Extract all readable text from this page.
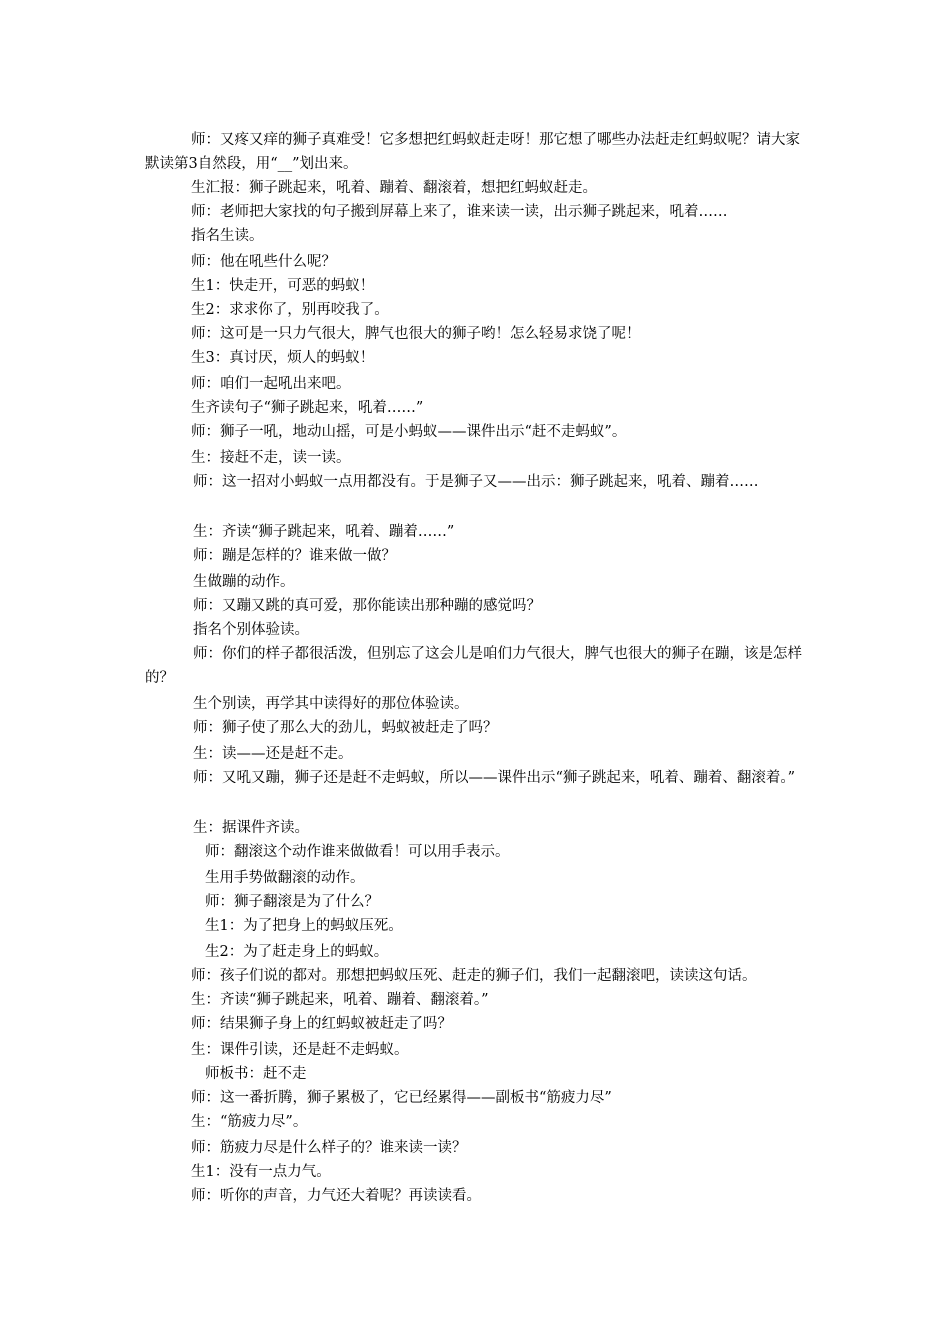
师：又疼又痒的狮子真难受！它多想把红蚂蚁赶走呀！那它想了哪些办法赶走红蚂蚁呢？请大家默读第3自然段，用“__”划出来。
生汇报：狮子跳起来，吼着、蹦着、翻滚着，想把红蚂蚁赶走。
师：老师把大家找的句子搬到屏幕上来了，谁来读一读，出示狮子跳起来，吼着……
指名生读。
师：他在吼些什么呢？
生1：快走开，可恶的蚂蚁！
生2：求求你了，别再咬我了。
师：这可是一只力气很大，脾气也很大的狮子哟！怎么轻易求饶了呢！
生3：真讨厌，烦人的蚂蚁！
师：咱们一起吼出来吧。
生齐读句子“狮子跳起来，吼着……”
师：狮子一吼，地动山摇，可是小蚂蚁——课件出示“赶不走蚂蚁”。
生：接赶不走，读一读。
师：这一招对小蚂蚁一点用都没有。于是狮子又——出示：狮子跳起来，吼着、蹦着……
生：齐读“狮子跳起来，吼着、蹦着……”
师：蹦是怎样的？谁来做一做？
生做蹦的动作。
师：又蹦又跳的真可爱，那你能读出那种蹦的感觉吗？
指名个别体验读。
师：你们的样子都很活泼，但别忘了这会儿是咱们力气很大，脾气也很大的狮子在蹦，该是怎样的？
生个别读，再学其中读得好的那位体验读。
师：狮子使了那么大的劲儿，蚂蚁被赶走了吗？
生：读——还是赶不走。
师：又吼又蹦，狮子还是赶不走蚂蚁，所以——课件出示“狮子跳起来，吼着、蹦着、翻滚着。”
生：据课件齐读。
师：翻滚这个动作谁来做做看！可以用手表示。
生用手势做翻滚的动作。
师：狮子翻滚是为了什么？
生1：为了把身上的蚂蚁压死。
生2：为了赶走身上的蚂蚁。
师：孩子们说的都对。那想把蚂蚁压死、赶走的狮子们，我们一起翻滚吧，读读这句话。
生：齐读“狮子跳起来，吼着、蹦着、翻滚着。”
师：结果狮子身上的红蚂蚁被赶走了吗？
生：课件引读，还是赶不走蚂蚁。
师板书：赶不走
师：这一番折腾，狮子累极了，它已经累得——副板书“筋疲力尽”
生：“筋疲力尽”。
师：筋疲力尽是什么样子的？谁来读一读？
生1：没有一点力气。
师：听你的声音，力气还大着呢？再读读看。
